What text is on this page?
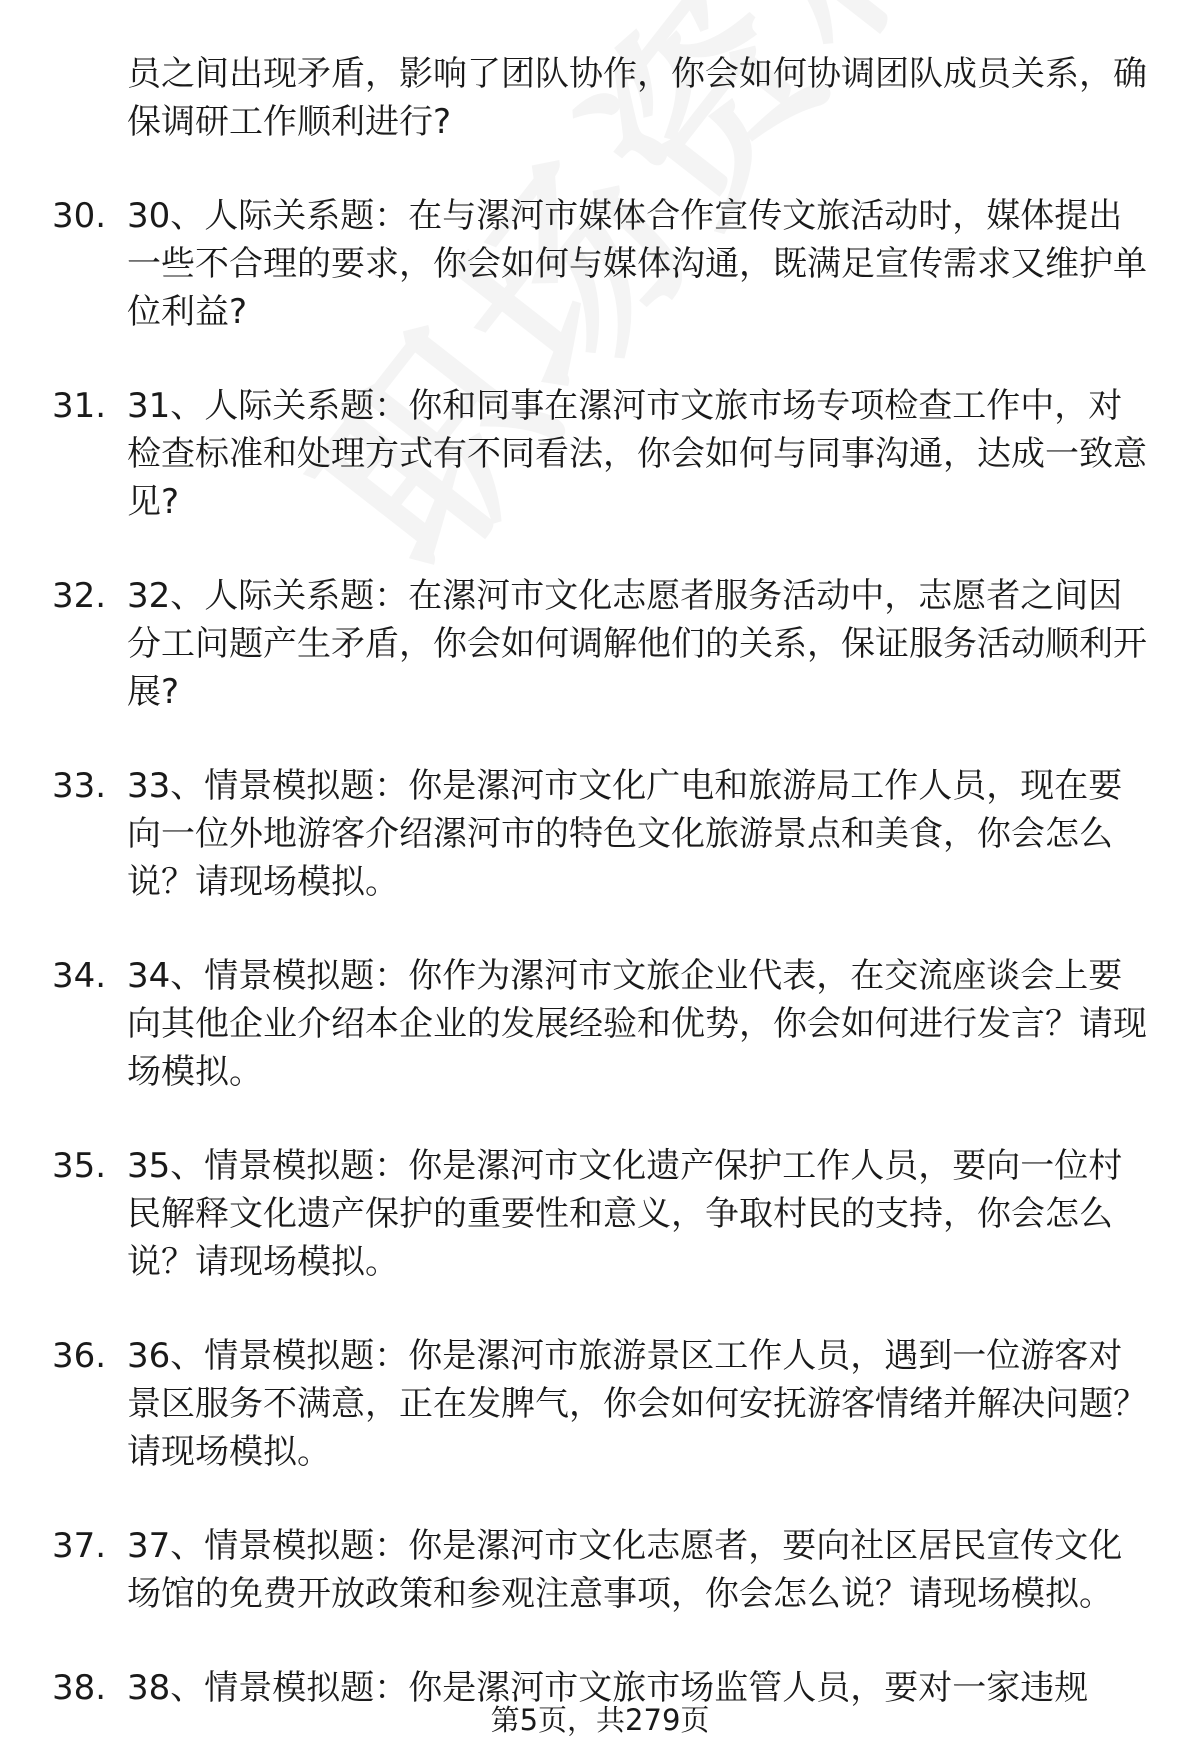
员之间出现矛盾，影响了团队协作，你会如何协调团队成员关系，确保调研工作顺利进行?
30. 30、人际关系题：在与漯河市媒体合作宣传文旅活动时，媒体提出一些不合理的要求，你会如何与媒体沟通，既满足宣传需求又维护单位利益?
31. 31、人际关系题：你和同事在漯河市文旅市场专项检查工作中，对检查标准和处理方式有不同看法，你会如何与同事沟通，达成一致意见?
32. 32、人际关系题：在漯河市文化志愿者服务活动中，志愿者之间因分工问题产生矛盾，你会如何调解他们的关系，保证服务活动顺利开展?
33. 33、情景模拟题：你是漯河市文化广电和旅游局工作人员，现在要向一位外地游客介绍漯河市的特色文化旅游景点和美食，你会怎么说？请现场模拟。
34. 34、情景模拟题：你作为漯河市文旅企业代表，在交流座谈会上要向其他企业介绍本企业的发展经验和优势，你会如何进行发言？请现场模拟。
35. 35、情景模拟题：你是漯河市文化遗产保护工作人员，要向一位村民解释文化遗产保护的重要性和意义，争取村民的支持，你会怎么说？请现场模拟。
36. 36、情景模拟题：你是漯河市旅游景区工作人员，遇到一位游客对景区服务不满意，正在发脾气，你会如何安抚游客情绪并解决问题？请现场模拟。
37. 37、情景模拟题：你是漯河市文化志愿者，要向社区居民宣传文化场馆的免费开放政策和参观注意事项，你会怎么说？请现场模拟。
38. 38、情景模拟题：你是漯河市文旅市场监管人员，要对一家违规
第5页，共279页
